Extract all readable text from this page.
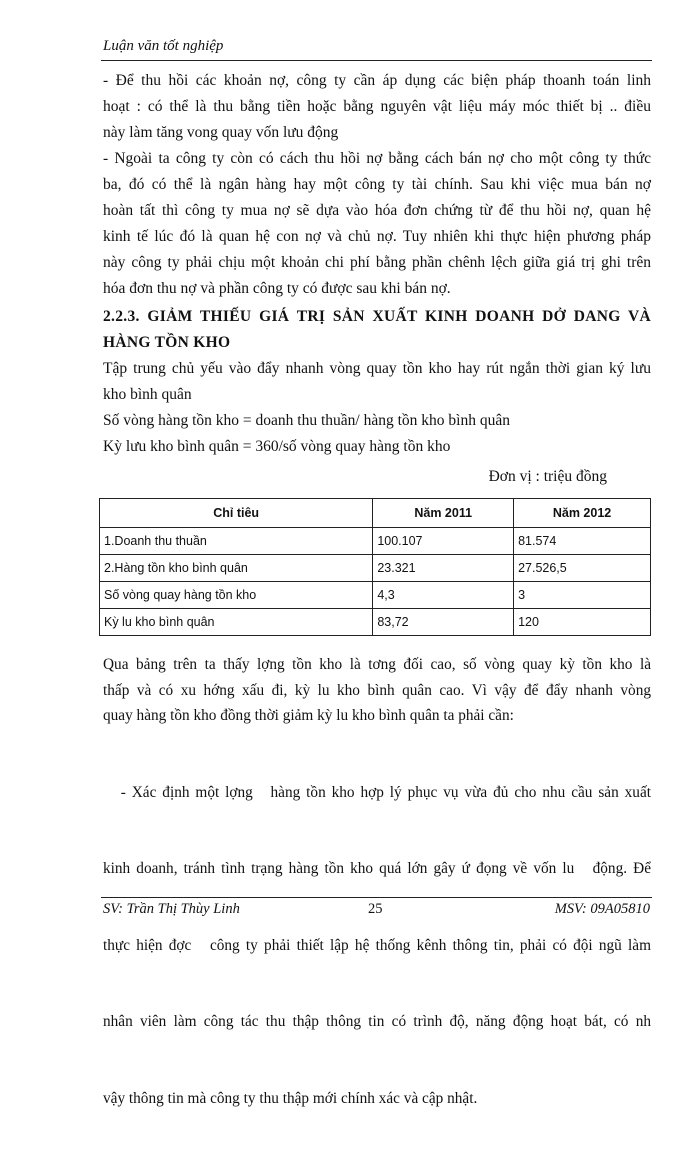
Luận văn tốt nghiệp
- Để thu hồi các khoản nợ, công ty cần áp dụng các biện pháp thoanh toán linh
hoạt : có thể là thu bằng tiền hoặc bằng nguyên vật liệu máy móc thiết bị .. điều
này làm tăng vong quay vốn lưu động
- Ngoài ta công ty còn có cách thu hồi nợ bằng cách bán nợ cho một công ty thức
ba, đó có thể là ngân hàng hay một công ty tài chính. Sau khi việc mua bán nợ
hoàn tất thì công ty mua nợ sẽ dựa vào hóa đơn chứng từ để thu hồi nợ, quan hệ
kinh tế lúc đó là quan hệ con nợ và chủ nợ. Tuy nhiên khi thực hiện phương pháp
này công ty phải chịu một khoản chi phí bằng phần chênh lệch giữa giá trị ghi trên
hóa đơn thu nợ và phần công ty có được sau khi bán nợ.
2.2.3. GIẢM THIẾU GIÁ TRỊ SẢN XUẤT KINH DOANH DỞ DANG VÀ
HÀNG TỒN KHO
Tập trung chủ yếu vào đẩy nhanh vòng quay tồn kho hay rút ngắn thời gian ký lưu
kho bình quân
Số vòng hàng tồn kho = doanh thu thuần/ hàng tồn kho bình quân
Kỳ lưu kho bình quân = 360/số vòng quay hàng tồn kho
Đơn vị : triệu đồng
Chỉ tiêu	Năm 2011	Năm 2012
1.Doanh thu thuần	100.107	81.574
2.Hàng tồn kho bình quân	23.321	27.526,5
Số vòng quay hàng tồn kho	4,3	3
Kỳ lu kho bình quân	83,72	120
Qua bảng trên ta thấy lợng tồn kho là tơng đối cao, số vòng quay kỳ tồn kho là
thấp và có xu hớng xấu đi, kỳ lu kho bình quân cao. Vì vậy để đẩy nhanh vòng
quay hàng tồn kho đồng thời giảm kỳ lu kho bình quân ta phải cần:

- Xác định một lợng   hàng tồn kho hợp lý phục vụ vừa đủ cho nhu cầu sản xuất

kinh doanh, tránh tình trạng hàng tồn kho quá lớn gây ứ đọng về vốn lu   động. Để

thực hiện đợc   công ty phải thiết lập hệ thống kênh thông tin, phải có đội ngũ làm

nhân viên làm công tác thu thập thông tin có trình độ, năng động hoạt bát, có nh

vậy thông tin mà công ty thu thập mới chính xác và cập nhật.

SV: Trần Thị Thùy Linh	25	MSV: 09A05810
